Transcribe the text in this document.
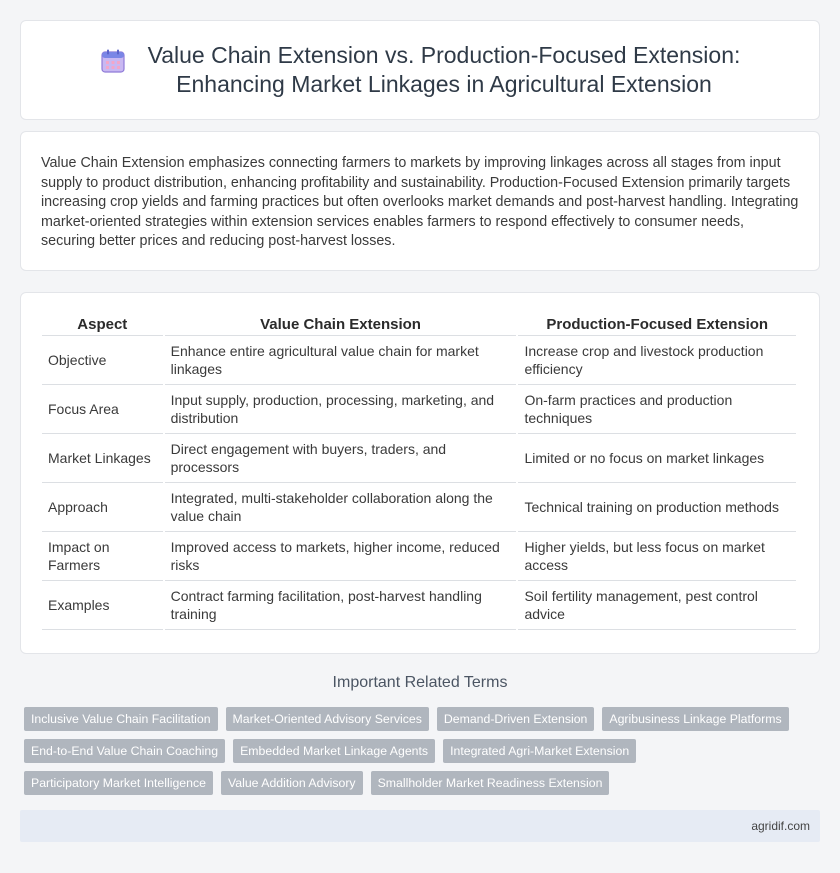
Value Chain Extension vs. Production-Focused Extension:
Enhancing Market Linkages in Agricultural Extension

Value Chain Extension emphasizes connecting farmers to markets by improving linkages across all stages from input supply to product distribution, enhancing profitability and sustainability. Production-Focused Extension primarily targets increasing crop yields and farming practices but often overlooks market demands and post-harvest handling. Integrating market-oriented strategies within extension services enables farmers to respond effectively to consumer needs, securing better prices and reducing post-harvest losses.

Aspect	Value Chain Extension	Production-Focused Extension
Objective	Enhance entire agricultural value chain for market linkages	Increase crop and livestock production efficiency
Focus Area	Input supply, production, processing, marketing, and distribution	On-farm practices and production techniques
Market Linkages	Direct engagement with buyers, traders, and processors	Limited or no focus on market linkages
Approach	Integrated, multi-stakeholder collaboration along the value chain	Technical training on production methods
Impact on Farmers	Improved access to markets, higher income, reduced risks	Higher yields, but less focus on market access
Examples	Contract farming facilitation, post-harvest handling training	Soil fertility management, pest control advice
Important Related Terms
Inclusive Value Chain Facilitation	Market-Oriented Advisory Services	Demand-Driven Extension	Agribusiness Linkage Platforms
End-to-End Value Chain Coaching	Embedded Market Linkage Agents	Integrated Agri-Market Extension
Participatory Market Intelligence	Value Addition Advisory	Smallholder Market Readiness Extension
agridif.com
